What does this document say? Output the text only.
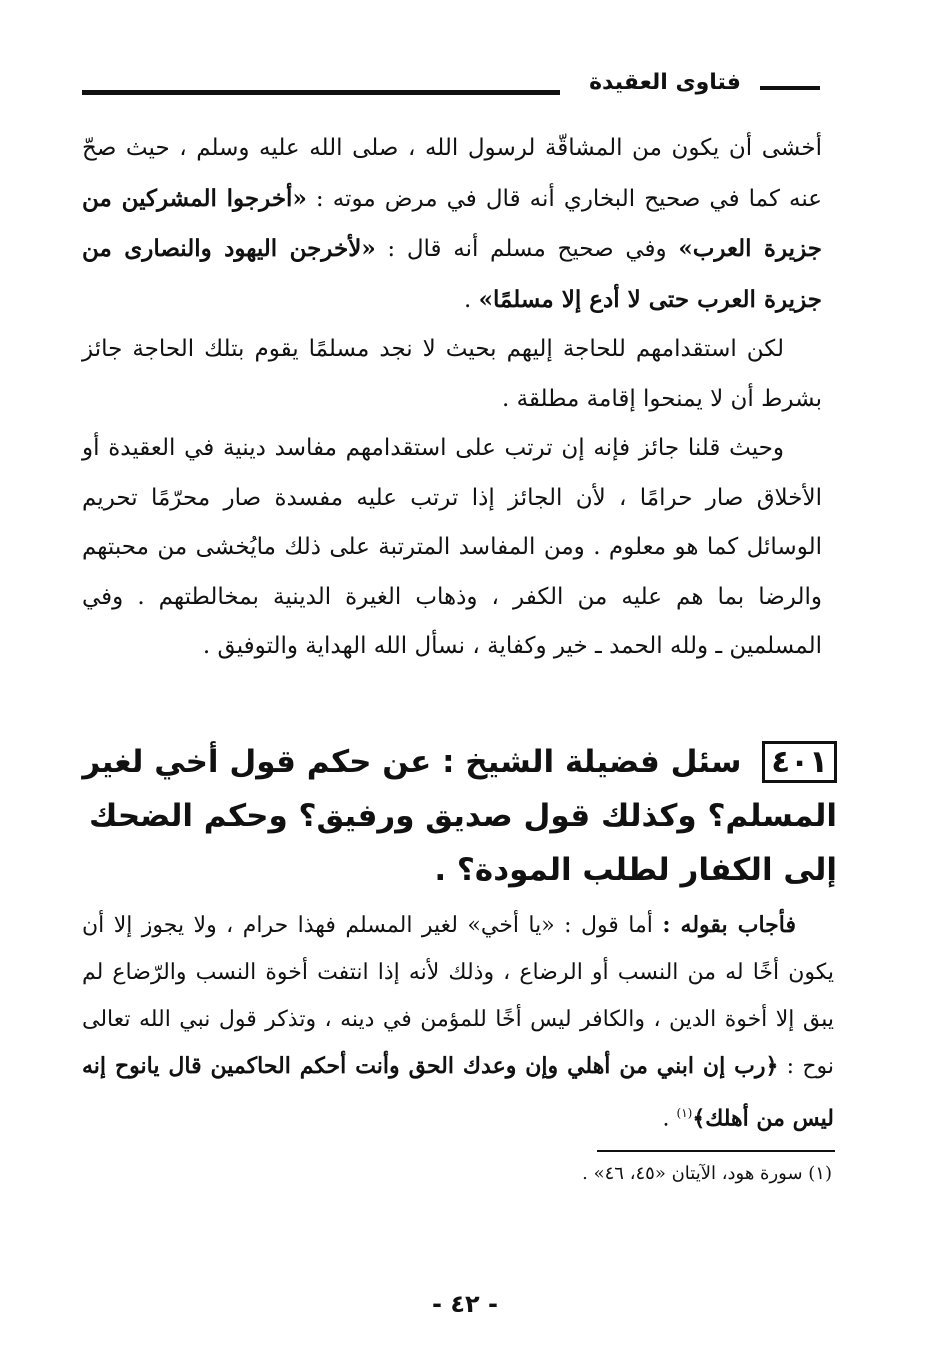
فتاوى العقيدة

أخشى أن يكون من المشاقّة لرسول الله ، صلى الله عليه وسلم ، حيث صحّ عنه كما في صحيح البخاري أنه قال في مرض موته : «أخرجوا المشركين من جزيرة العرب» وفي صحيح مسلم أنه قال : «لأخرجن اليهود والنصارى من جزيرة العرب حتى لا أدع إلا مسلمًا» .

لكن استقدامهم للحاجة إليهم بحيث لا نجد مسلمًا يقوم بتلك الحاجة جائز بشرط أن لا يمنحوا إقامة مطلقة .

وحيث قلنا جائز فإنه إن ترتب على استقدامهم مفاسد دينية في العقيدة أو الأخلاق صار حرامًا ، لأن الجائز إذا ترتب عليه مفسدة صار محرّمًا تحريم الوسائل كما هو معلوم . ومن المفاسد المترتبة على ذلك مايُخشى من محبتهم والرضا بما هم عليه من الكفر ، وذهاب الغيرة الدينية بمخالطتهم . وفي المسلمين ـ ولله الحمد ـ خير وكفاية ، نسأل الله الهداية والتوفيق .

٤٠١ سئل فضيلة الشيخ : عن حكم قول أخي لغير المسلم؟ وكذلك قول صديق ورفيق؟ وحكم الضحك إلى الكفار لطلب المودة؟ .

فأجاب بقوله : أما قول : «يا أخي» لغير المسلم فهذا حرام ، ولا يجوز إلا أن يكون أخًا له من النسب أو الرضاع ، وذلك لأنه إذا انتفت أخوة النسب والرّضاع لم يبق إلا أخوة الدين ، والكافر ليس أخًا للمؤمن في دينه ، وتذكر قول نبي الله تعالى نوح : ﴿رب إن ابني من أهلي وإن وعدك الحق وأنت أحكم الحاكمين قال يانوح إنه ليس من أهلك﴾$^{(١)}$ .

(١) سورة هود، الآيتان «٤٥، ٤٦» .
- ٤٢ -
